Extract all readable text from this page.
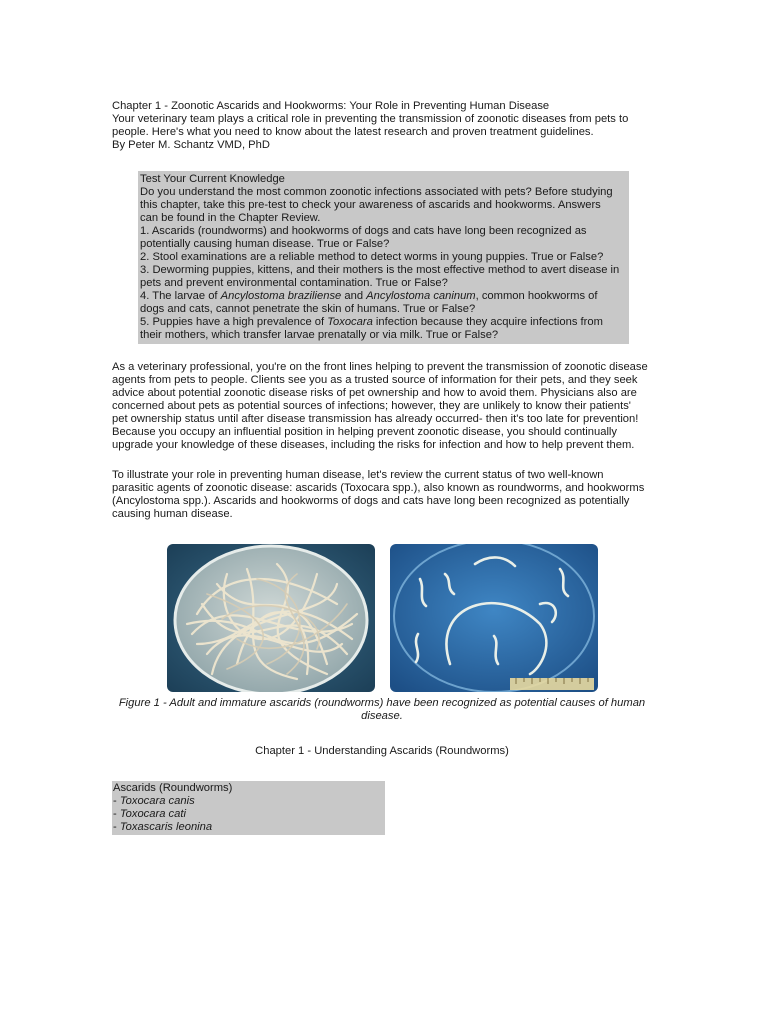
Chapter 1 - Zoonotic Ascarids and Hookworms: Your Role in Preventing Human Disease

Your veterinary team plays a critical role in preventing the transmission of zoonotic diseases from pets to

people. Here's what you need to know about the latest research and proven treatment guidelines.

By Peter M. Schantz VMD, PhD

Test Your Current Knowledge

Do you understand the most common zoonotic infections associated with pets? Before studying

this chapter, take this pre-test to check your awareness of ascarids and hookworms. Answers

can be found in the Chapter Review.

1. Ascarids (roundworms) and hookworms of dogs and cats have long been recognized as

potentially causing human disease. True or False?

2. Stool examinations are a reliable method to detect worms in young puppies. True or False?

3. Deworming puppies, kittens, and their mothers is the most effective method to avert disease in

pets and prevent environmental contamination. True or False?

4. The larvae of Ancylostoma braziliense and Ancylostoma caninum, common hookworms of

dogs and cats, cannot penetrate the skin of humans. True or False?

5. Puppies have a high prevalence of Toxocara infection because they acquire infections from

their mothers, which transfer larvae prenatally or via milk. True or False?

As a veterinary professional, you're on the front lines helping to prevent the transmission of zoonotic disease

agents from pets to people. Clients see you as a trusted source of information for their pets, and they seek

advice about potential zoonotic disease risks of pet ownership and how to avoid them. Physicians also are

concerned about pets as potential sources of infections; however, they are unlikely to know their patients'

pet ownership status until after disease transmission has already occurred- then it's too late for prevention!

Because you occupy an influential position in helping prevent zoonotic disease, you should continually

upgrade your knowledge of these diseases, including the risks for infection and how to help prevent them.

To illustrate your role in preventing human disease, let's review the current status of two well-known

parasitic agents of zoonotic disease: ascarids (Toxocara spp.), also known as roundworms, and hookworms

(Ancylostoma spp.). Ascarids and hookworms of dogs and cats have long been recognized as potentially

causing human disease.

Figure 1 - Adult and immature ascarids (roundworms) have been recognized as potential causes of human

disease.

Chapter 1 - Understanding Ascarids (Roundworms)

Ascarids (Roundworms)

- Toxocara canis

- Toxocara cati

- Toxascaris leonina
